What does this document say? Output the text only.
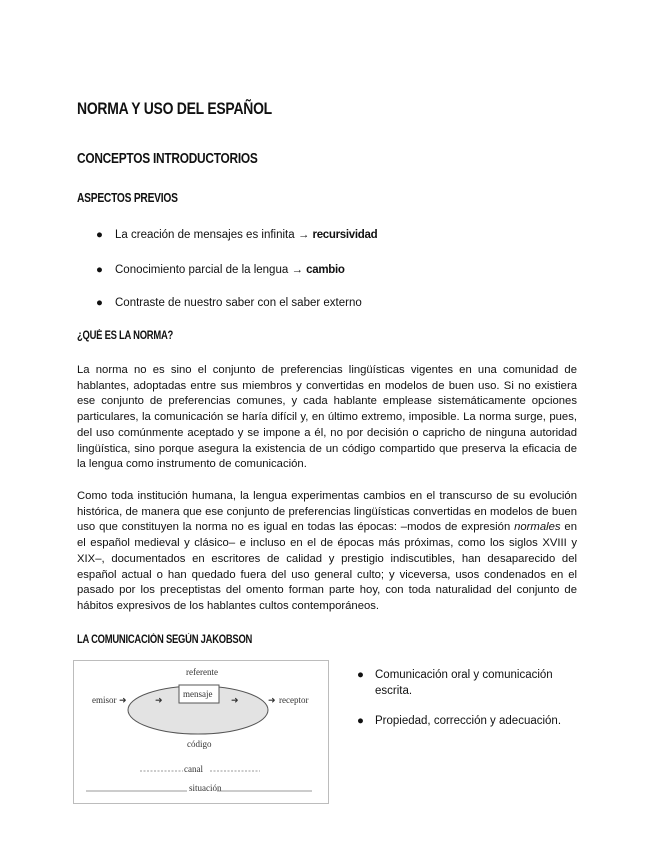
NORMA Y USO DEL ESPAÑOL
CONCEPTOS INTRODUCTORIOS
ASPECTOS PREVIOS
● La creación de mensajes es infinita → recursividad
● Conocimiento parcial de la lengua → cambio
● Contraste de nuestro saber con el saber externo
¿QUÉ ES LA NORMA?

La norma no es sino el conjunto de preferencias lingüísticas vigentes en una comunidad de hablantes, adoptadas entre sus miembros y convertidas en modelos de buen uso. Si no existiera ese conjunto de preferencias comunes, y cada hablante emplease sistemáticamente opciones particulares, la comunicación se haría difícil y, en último extremo, imposible. La norma surge, pues, del uso comúnmente aceptado y se impone a él, no por decisión o capricho de ninguna autoridad lingüística, sino porque asegura la existencia de un código compartido que preserva la eficacia de la lengua como instrumento de comunicación.

Como toda institución humana, la lengua experimentas cambios en el transcurso de su evolución histórica, de manera que ese conjunto de preferencias lingüísticas convertidas en modelos de buen uso que constituyen la norma no es igual en todas las épocas: –modos de expresión normales en el español medieval y clásico– e incluso en el de épocas más próximas, como los siglos XVIII y XIX–, documentados en escritores de calidad y prestigio indiscutibles, han desaparecido del español actual o han quedado fuera del uso general culto; y viceversa, usos condenados en el pasado por los preceptistas del omento forman parte hoy, con toda naturalidad del conjunto de hábitos expresivos de los hablantes cultos contemporáneos.

LA COMUNICACIÓN SEGÚN JAKOBSON
referente
mensaje
emisor ➜	➜	➜	➜ receptor
código
canal
situación
● Comunicación oral y comunicación escrita.
● Propiedad, corrección y adecuación.
